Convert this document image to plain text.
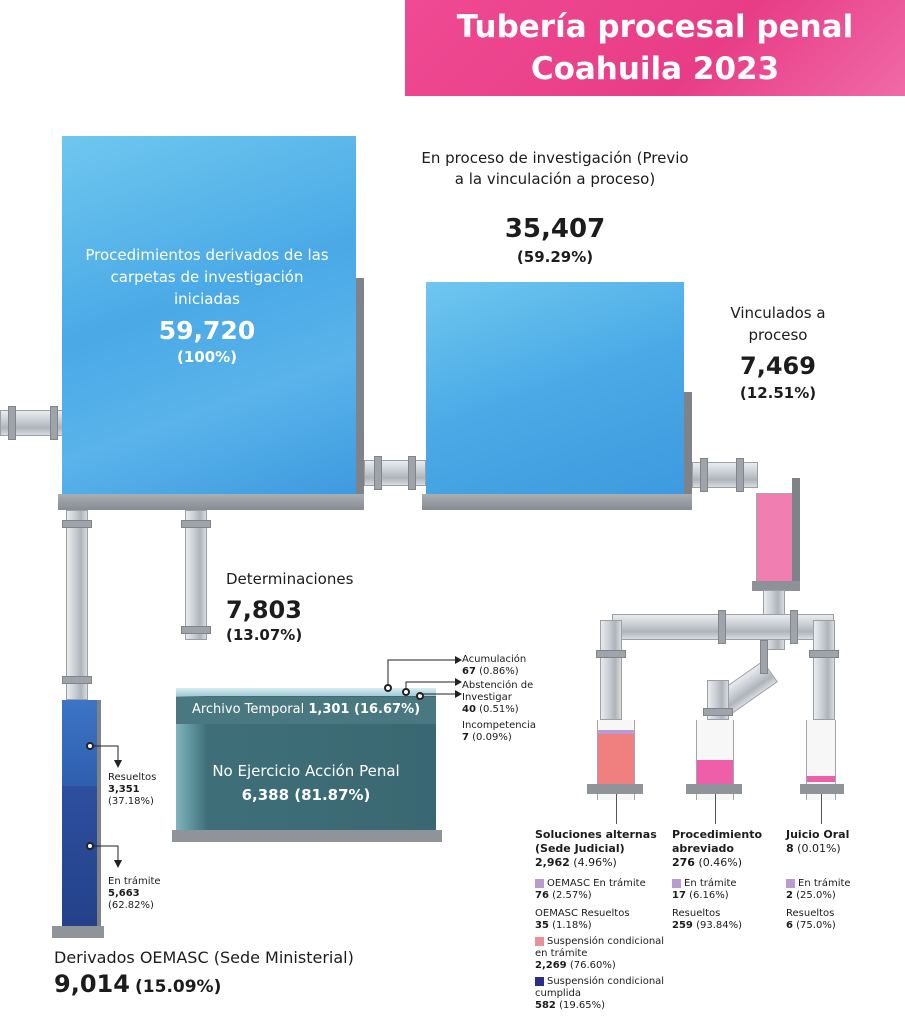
Tubería procesal penal
Coahuila 2023
Procedimientos derivados de las carpetas de investigación iniciadas
59,720
(100%)
En proceso de investigación (Previo a la vinculación a proceso)
35,407
(59.29%)
Vinculados a proceso
7,469
(12.51%)
Soluciones alternas (Sede Judicial)
2,962 (4.96%)
OEMASC En trámite
76 (2.57%)
OEMASC Resueltos
35 (1.18%)
Suspensión condicional en trámite
2,269 (76.60%)
Suspensión condicional cumplida
582 (19.65%)
Procedimiento abreviado
276 (0.46%)
En trámite
17 (6.16%)
Resueltos
259 (93.84%)
Juicio Oral
8 (0.01%)
En trámite
2 (25.0%)
Resueltos
6 (75.0%)
Determinaciones
7,803
(13.07%)
No Ejercicio Acción Penal
6,388 (81.87%)
Archivo Temporal 1,301 (16.67%)
Acumulación
67 (0.86%)
Abstención de Investigar
40 (0.51%)
Incompetencia
7 (0.09%)
Resueltos
3,351
(37.18%)
En trámite
5,663
(62.82%)
Derivados OEMASC (Sede Ministerial)
9,014 (15.09%)
